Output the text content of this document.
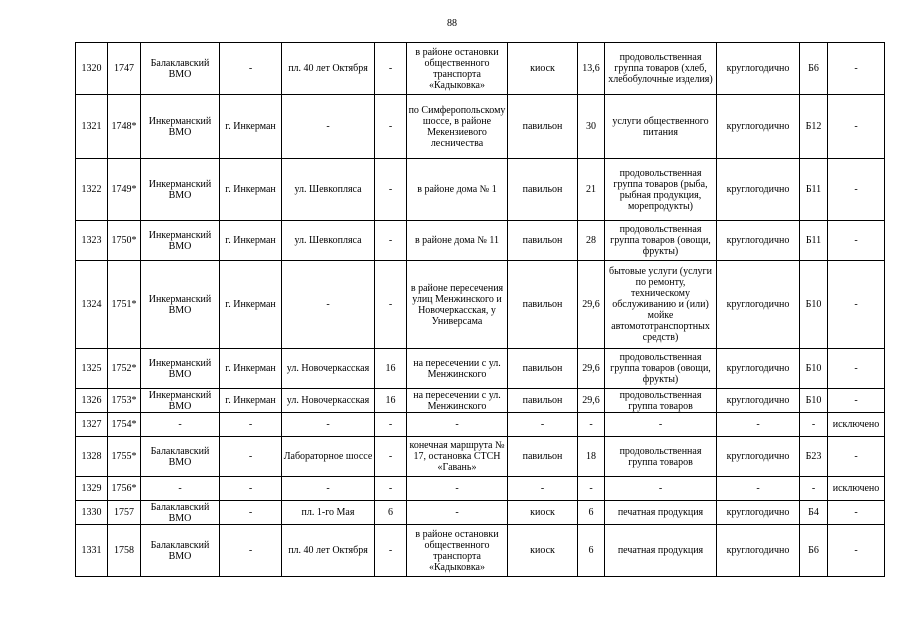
88
1320	1747	Балаклавский ВМО	-	пл. 40 лет Октября	-	в районе остановки общественного транспорта «Кадыковка»	киоск	13,6	продовольственная группа товаров (хлеб, хлебобулочные изделия)	круглогодично	Б6	-
1321	1748*	Инкерманский ВМО	г. Инкерман	-	-	по Симферопольскому шоссе, в районе Мекензиевого лесничества	павильон	30	услуги общественного питания	круглогодично	Б12	-
1322	1749*	Инкерманский ВМО	г. Инкерман	ул. Шевкопляса	-	в районе дома № 1	павильон	21	продовольственная группа товаров (рыба, рыбная продукция, морепродукты)	круглогодично	Б11	-
1323	1750*	Инкерманский ВМО	г. Инкерман	ул. Шевкопляса	-	в районе дома № 11	павильон	28	продовольственная группа товаров (овощи, фрукты)	круглогодично	Б11	-
1324	1751*	Инкерманский ВМО	г. Инкерман	-	-	в районе пересечения улиц Менжинского и Новочеркасская, у Универсама	павильон	29,6	бытовые услуги (услуги по ремонту, техническому обслуживанию и (или) мойке автомототранспортных средств)	круглогодично	Б10	-
1325	1752*	Инкерманский ВМО	г. Инкерман	ул. Новочеркасская	16	на пересечении с ул. Менжинского	павильон	29,6	продовольственная группа товаров (овощи, фрукты)	круглогодично	Б10	-
1326	1753*	Инкерманский ВМО	г. Инкерман	ул. Новочеркасская	16	на пересечении с ул. Менжинского	павильон	29,6	продовольственная группа товаров	круглогодично	Б10	-
1327	1754*	-	-	-	-	-	-	-	-	-	-	исключено
1328	1755*	Балаклавский ВМО	-	Лабораторное шоссе	-	конечная маршрута № 17, остановка СТСН «Гавань»	павильон	18	продовольственная группа товаров	круглогодично	Б23	-
1329	1756*	-	-	-	-	-	-	-	-	-	-	исключено
1330	1757	Балаклавский ВМО	-	пл. 1-го Мая	6	-	киоск	6	печатная продукция	круглогодично	Б4	-
1331	1758	Балаклавский ВМО	-	пл. 40 лет Октября	-	в районе остановки общественного транспорта «Кадыковка»	киоск	6	печатная продукция	круглогодично	Б6	-
